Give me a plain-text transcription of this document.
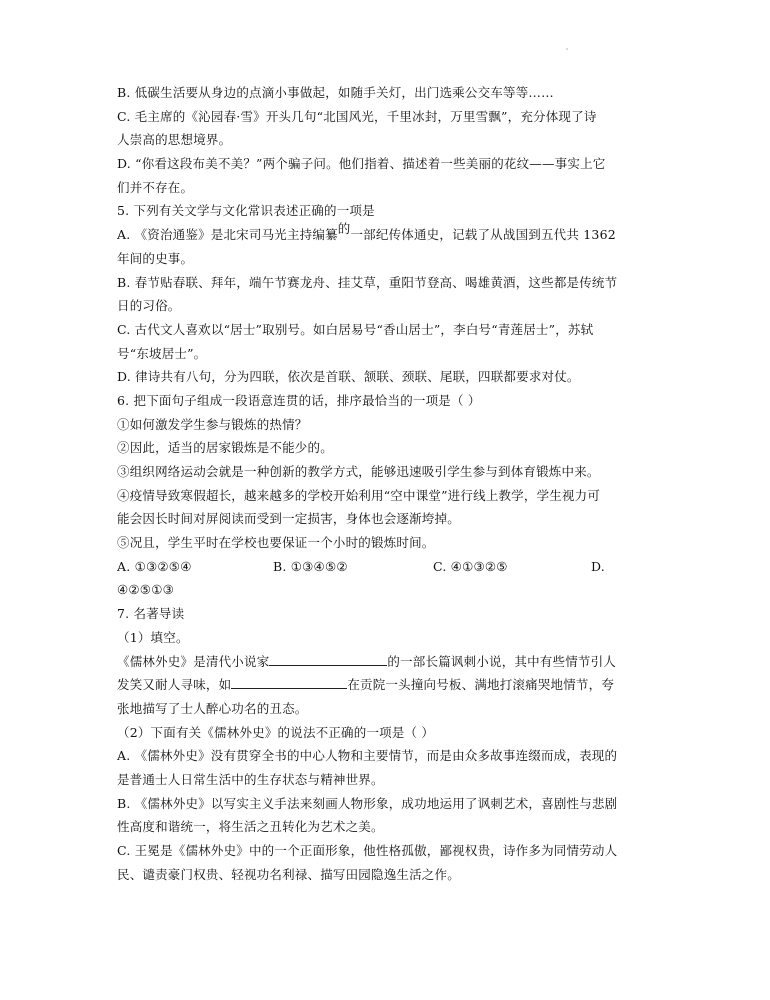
B. 低碳生活要从身边的点滴小事做起，如随手关灯，出门选乘公交车等等……
C. 毛主席的《沁园春·雪》开头几句“北国风光，千里冰封，万里雪飘”，充分体现了诗
人崇高的思想境界。
D. “你看这段布美不美？”两个骗子问。他们指着、描述着一些美丽的花纹——事实上它
们并不存在。
5. 下列有关文学与文化常识表述正确的一项是
A. 《资治通鉴》是北宋司马光主持编纂的一部纪传体通史，记载了从战国到五代共 1362
年间的史事。
B. 春节贴春联、拜年，端午节赛龙舟、挂艾草，重阳节登高、喝雄黄酒，这些都是传统节
日的习俗。
C. 古代文人喜欢以“居士”取别号。如白居易号“香山居士”，李白号“青莲居士”，苏轼
号“东坡居士”。
D. 律诗共有八句，分为四联，依次是首联、颔联、颈联、尾联，四联都要求对仗。
6. 把下面句子组成一段语意连贯的话，排序最恰当的一项是（ ）
①如何激发学生参与锻炼的热情？
②因此，适当的居家锻炼是不能少的。
③组织网络运动会就是一种创新的教学方式，能够迅速吸引学生参与到体育锻炼中来。
④疫情导致寒假超长，越来越多的学校开始利用“空中课堂”进行线上教学，学生视力可
能会因长时间对屏阅读而受到一定损害，身体也会逐渐垮掉。
⑤况且，学生平时在学校也要保证一个小时的锻炼时间。
A. ①③②⑤④	B. ①③④⑤②	C. ④①③②⑤	D.
④②⑤①③
7. 名著导读
（1）填空。
《儒林外史》是清代小说家	的一部长篇讽刺小说，其中有些情节引人
发笑又耐人寻味，如	在贡院一头撞向号板、满地打滚痛哭地情节，夸
张地描写了士人醉心功名的丑态。
（2）下面有关《儒林外史》的说法不正确的一项是（ ）
A. 《儒林外史》没有贯穿全书的中心人物和主要情节，而是由众多故事连缀而成，表现的
是普通士人日常生活中的生存状态与精神世界。
B. 《儒林外史》以写实主义手法来刻画人物形象，成功地运用了讽刺艺术，喜剧性与悲剧
性高度和谐统一，将生活之丑转化为艺术之美。
C. 王冕是《儒林外史》中的一个正面形象，他性格孤傲，鄙视权贵，诗作多为同情劳动人
民、谴责豪门权贵、轻视功名利禄、描写田园隐逸生活之作。
